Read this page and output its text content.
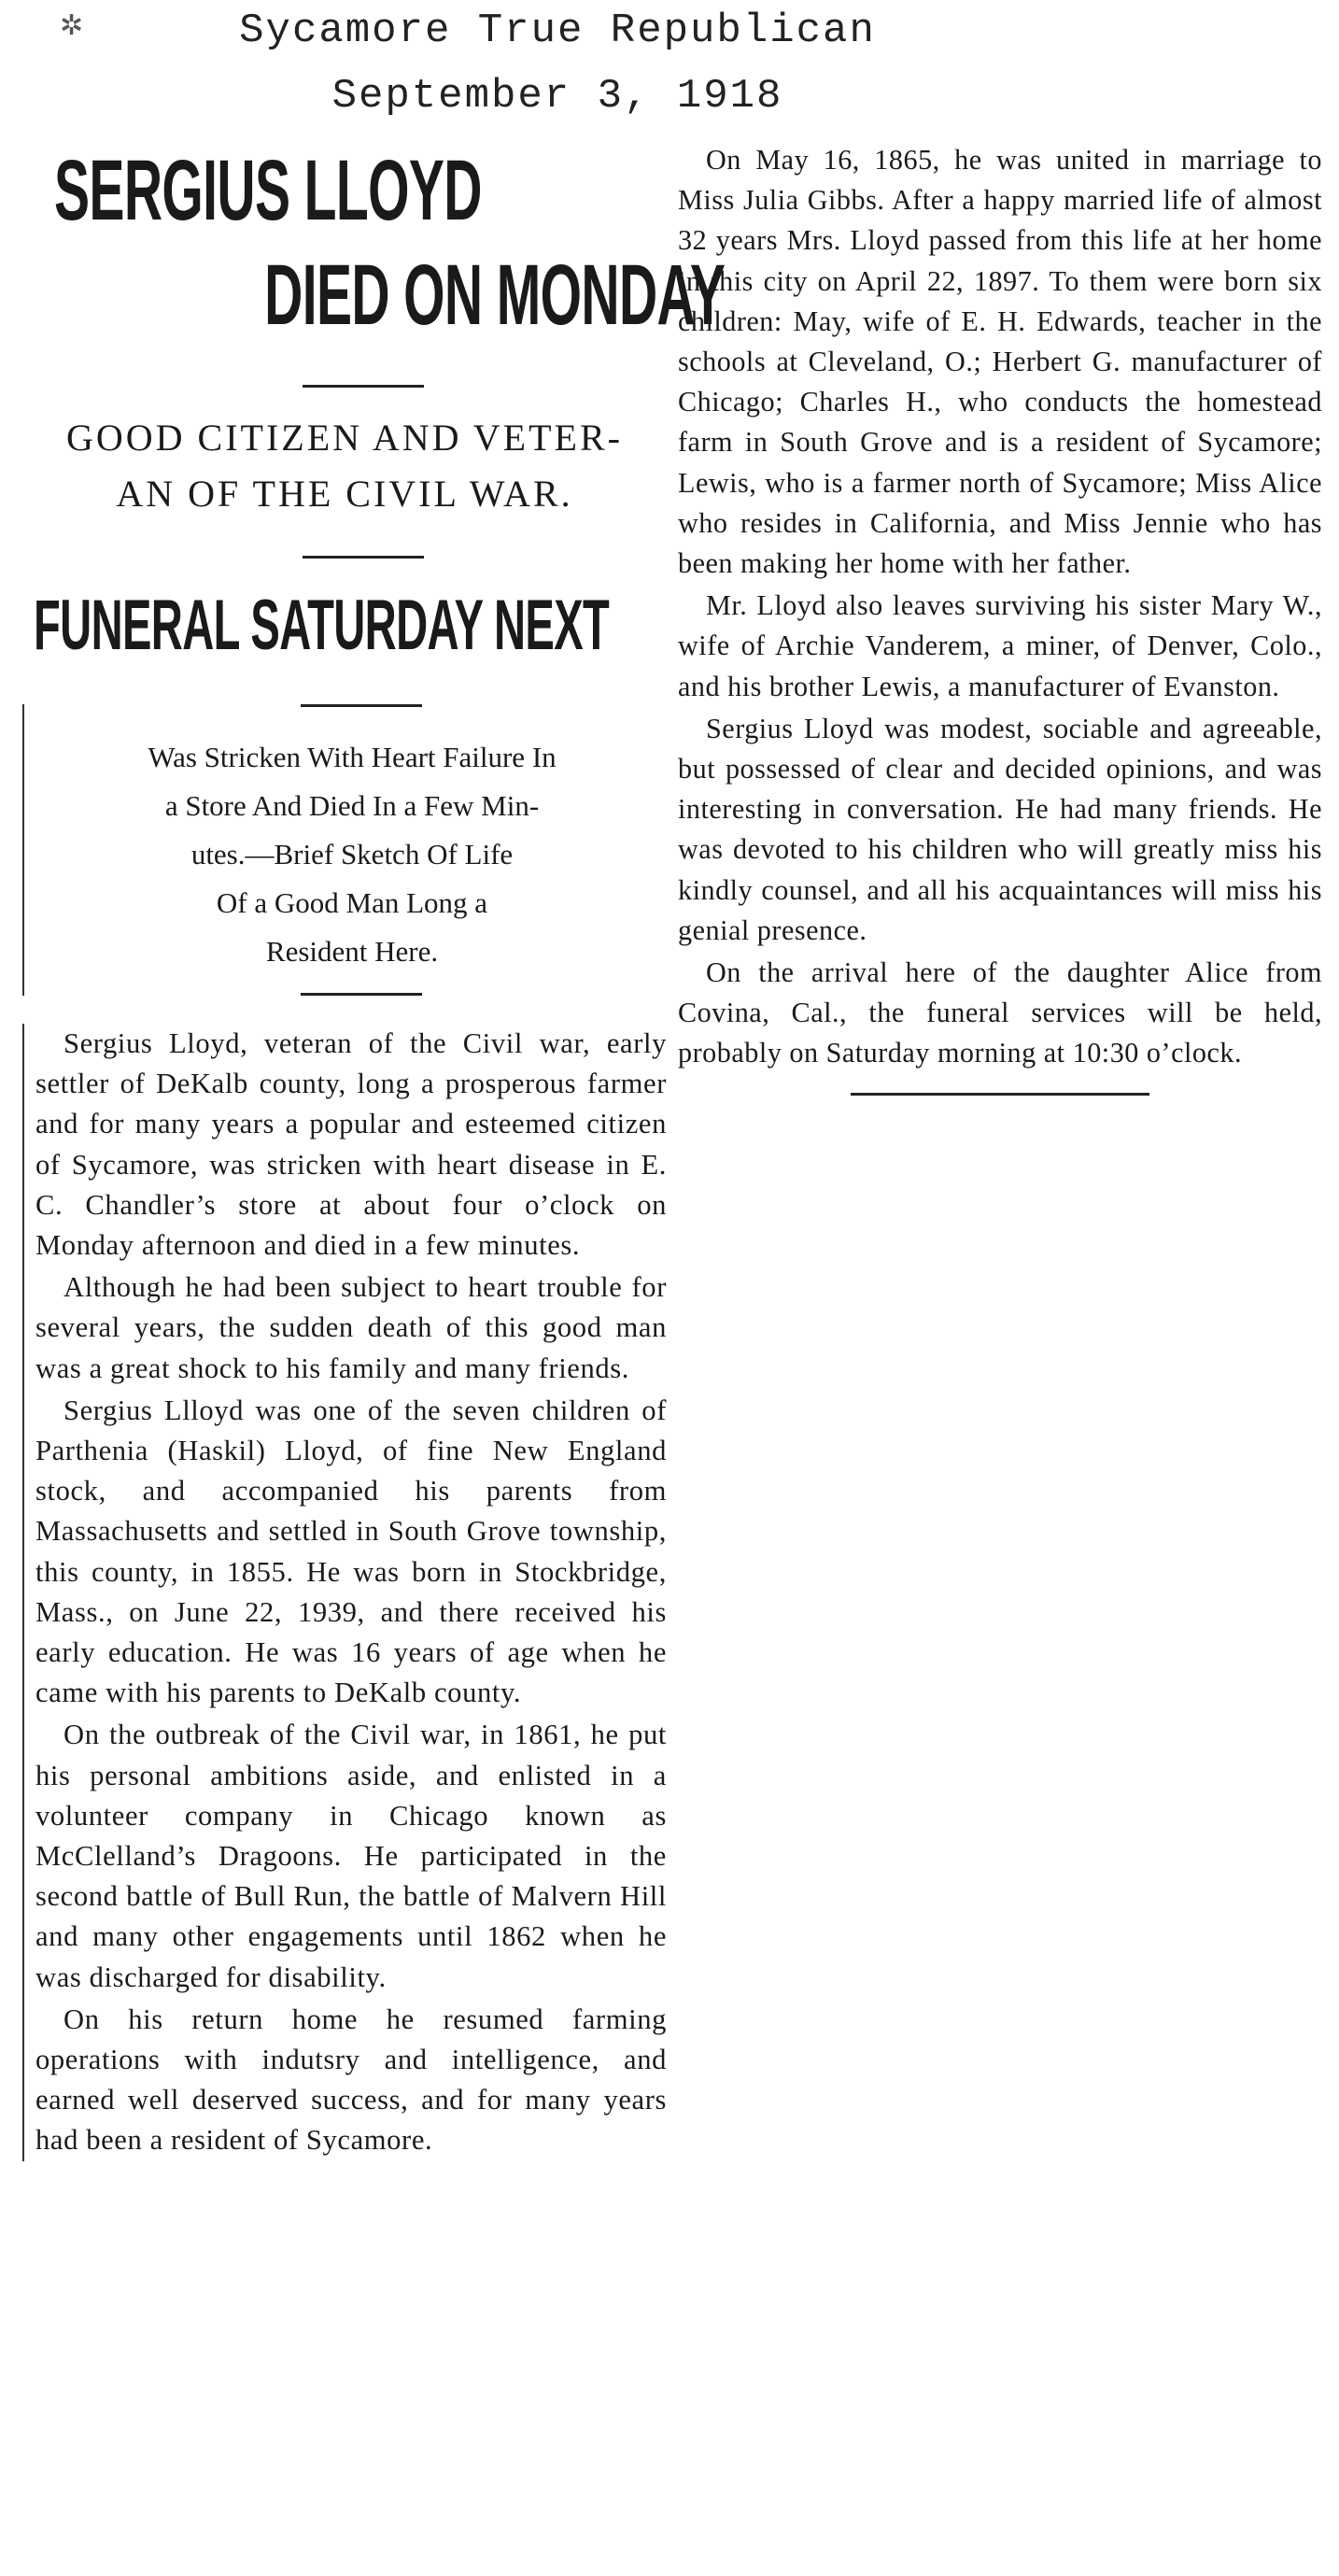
✲	Sycamore True Republican
September 3, 1918
SERGIUS LLOYD
DIED ON MONDAY
GOOD CITIZEN AND VETER-
AN OF THE CIVIL WAR.
FUNERAL SATURDAY NEXT

Was Stricken With Heart Failure In

a Store And Died In a Few Min-

utes.—Brief Sketch Of Life

Of a Good Man Long a

Resident Here.

Sergius Lloyd, veteran of the Civil war, early settler of DeKalb county, long a prosperous farmer and for many years a popular and esteemed citizen of Sycamore, was stricken with heart disease in E. C. Chandler’s store at about four o’clock on Monday afternoon and died in a few minutes.

Although he had been subject to heart trouble for several years, the sudden death of this good man was a great shock to his family and many friends.

Sergius Llloyd was one of the seven children of Parthenia (Haskil) Lloyd, of fine New England stock, and accompanied his parents from Massachusetts and settled in South Grove township, this county, in 1855. He was born in Stockbridge, Mass., on June 22, 1939, and there received his early education. He was 16 years of age when he came with his parents to DeKalb county.

On the outbreak of the Civil war, in 1861, he put his personal ambitions aside, and enlisted in a volunteer company in Chicago known as McClelland’s Dragoons. He participated in the second battle of Bull Run, the battle of Malvern Hill and many other engagements until 1862 when he was discharged for disability.

On his return home he resumed farming operations with indutsry and intelligence, and earned well deserved success, and for many years had been a resident of Sycamore.

On May 16, 1865, he was united in marriage to Miss Julia Gibbs. After a happy married life of almost 32 years Mrs. Lloyd passed from this life at her home in this city on April 22, 1897. To them were born six children: May, wife of E. H. Edwards, teacher in the schools at Cleveland, O.; Herbert G. manufacturer of Chicago; Charles H., who conducts the homestead farm in South Grove and is a resident of Sycamore; Lewis, who is a farmer north of Sycamore; Miss Alice who resides in California, and Miss Jennie who has been making her home with her father.

Mr. Lloyd also leaves surviving his sister Mary W., wife of Archie Vanderem, a miner, of Denver, Colo., and his brother Lewis, a manufacturer of Evanston.

Sergius Lloyd was modest, sociable and agreeable, but possessed of clear and decided opinions, and was interesting in conversation. He had many friends. He was devoted to his children who will greatly miss his kindly counsel, and all his acquaintances will miss his genial presence.

On the arrival here of the daughter Alice from Covina, Cal., the funeral services will be held, probably on Saturday morning at 10:30 o’clock.
